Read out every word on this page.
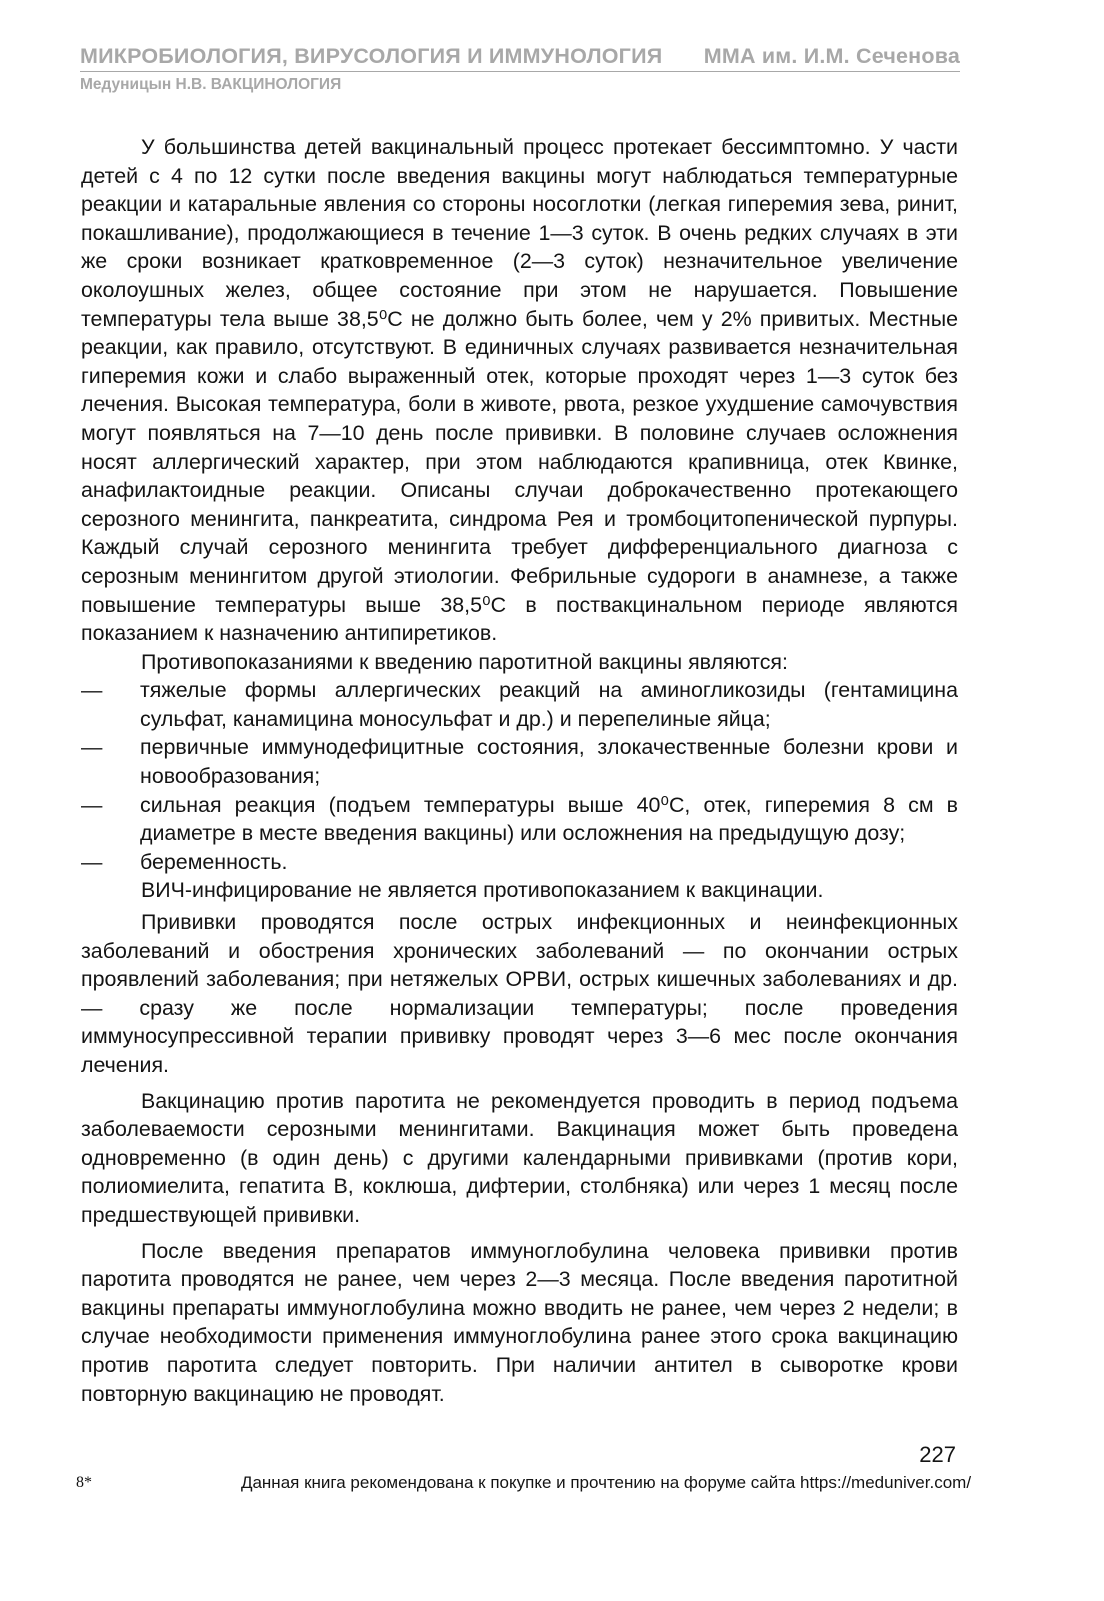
МИКРОБИОЛОГИЯ, ВИРУСОЛОГИЯ И ИММУНОЛОГИЯ ММА им. И.М. Сеченова
Медуницын Н.В. ВАКЦИНОЛОГИЯ

У большинства детей вакцинальный процесс протекает бессимптомно. У части детей с 4 по 12 сутки после введения вакцины могут наблюдаться температурные реакции и катаральные явления со стороны носоглотки (легкая гиперемия зева, ринит, покашливание), продолжающиеся в течение 1—3 суток. В очень редких случаях в эти же сроки возникает кратковременное (2—3 суток) незначительное увеличение околоушных желез, общее состояние при этом не нарушается. Повышение температуры тела выше 38,5⁰С не должно быть более, чем у 2% привитых. Местные реакции, как правило, отсутствуют. В единичных случаях развивается незначительная гиперемия кожи и слабо выраженный отек, которые проходят через 1—3 суток без лечения. Высокая температура, боли в животе, рвота, резкое ухудшение самочувствия могут появляться на 7—10 день после прививки. В половине случаев осложнения носят аллергический характер, при этом наблюдаются крапивница, отек Квинке, анафилактоидные реакции. Описаны случаи доброкачественно протекающего серозного менингита, панкреатита, синдрома Рея и тромбоцитопенической пурпуры. Каждый случай серозного менингита требует дифференциального диагноза с серозным менингитом другой этиологии. Фебрильные судороги в анамнезе, а также повышение температуры выше 38,5⁰С в поствакцинальном периоде являются показанием к назначению антипиретиков.

Противопоказаниями к введению паротитной вакцины являются:

— тяжелые формы аллергических реакций на аминогликозиды (гентамицина сульфат, канамицина моносульфат и др.) и перепелиные яйца;
— первичные иммунодефицитные состояния, злокачественные болезни крови и новообразования;
— сильная реакция (подъем температуры выше 40⁰С, отек, гиперемия 8 см в диаметре в месте введения вакцины) или осложнения на предыдущую дозу;
— беременность.

ВИЧ-инфицирование не является противопоказанием к вакцинации.

Прививки проводятся после острых инфекционных и неинфекционных заболеваний и обострения хронических заболеваний — по окончании острых проявлений заболевания; при нетяжелых ОРВИ, острых кишечных заболеваниях и др. — сразу же после нормализации температуры; после проведения иммуносупрессивной терапии прививку проводят через 3—6 мес после окончания лечения.

Вакцинацию против паротита не рекомендуется проводить в период подъема заболеваемости серозными менингитами. Вакцинация может быть проведена одновременно (в один день) с другими календарными прививками (против кори, полиомиелита, гепатита В, коклюша, дифтерии, столбняка) или через 1 месяц после предшествующей прививки.

После введения препаратов иммуноглобулина человека прививки против паротита проводятся не ранее, чем через 2—3 месяца. После введения паротитной вакцины препараты иммуноглобулина можно вводить не ранее, чем через 2 недели; в случае необходимости применения иммуноглобулина ранее этого срока вакцинацию против паротита следует повторить. При наличии антител в сыворотке крови повторную вакцинацию не проводят.

8*
227
Данная книга рекомендована к покупке и прочтению на форуме сайта https://meduniver.com/
